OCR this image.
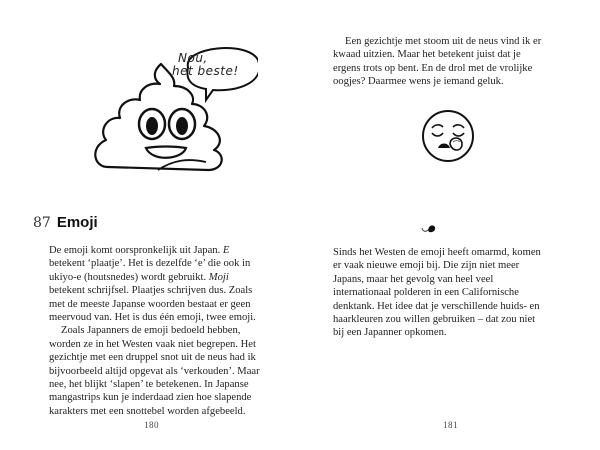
Nou,
het beste!
87 Emoji

De emoji komt oorspronkelijk uit Japan. E betekent ‘plaatje’. Het is dezelfde ‘e’ die ook in ukiyo-e (houtsnedes) wordt gebruikt. Moji betekent schrijfsel. Plaatjes schrijven dus. Zoals met de meeste Japanse woorden bestaat er geen meervoud van. Het is dus één emoji, twee emoji.

Zoals Japanners de emoji bedoeld hebben, worden ze in het Westen vaak niet begrepen. Het gezichtje met een druppel snot uit de neus had ik bijvoorbeeld altijd opgevat als ‘verkouden’. Maar nee, het blijkt ‘slapen’ te betekenen. In Japanse mangastrips kun je inderdaad zien hoe slapende karakters met een snottebel worden afgebeeld.

180

Een gezichtje met stoom uit de neus vind ik er kwaad uitzien. Maar het betekent juist dat je ergens trots op bent. En de drol met de vrolijke oogjes? Daarmee wens je iemand geluk.

Sinds het Westen de emoji heeft omarmd, komen er vaak nieuwe emoji bij. Die zijn niet meer Japans, maar het gevolg van heel veel internationaal polderen in een Californische denktank. Het idee dat je verschillende huids- en haarkleuren zou willen gebruiken – dat zou niet bij een Japanner opkomen.

181
